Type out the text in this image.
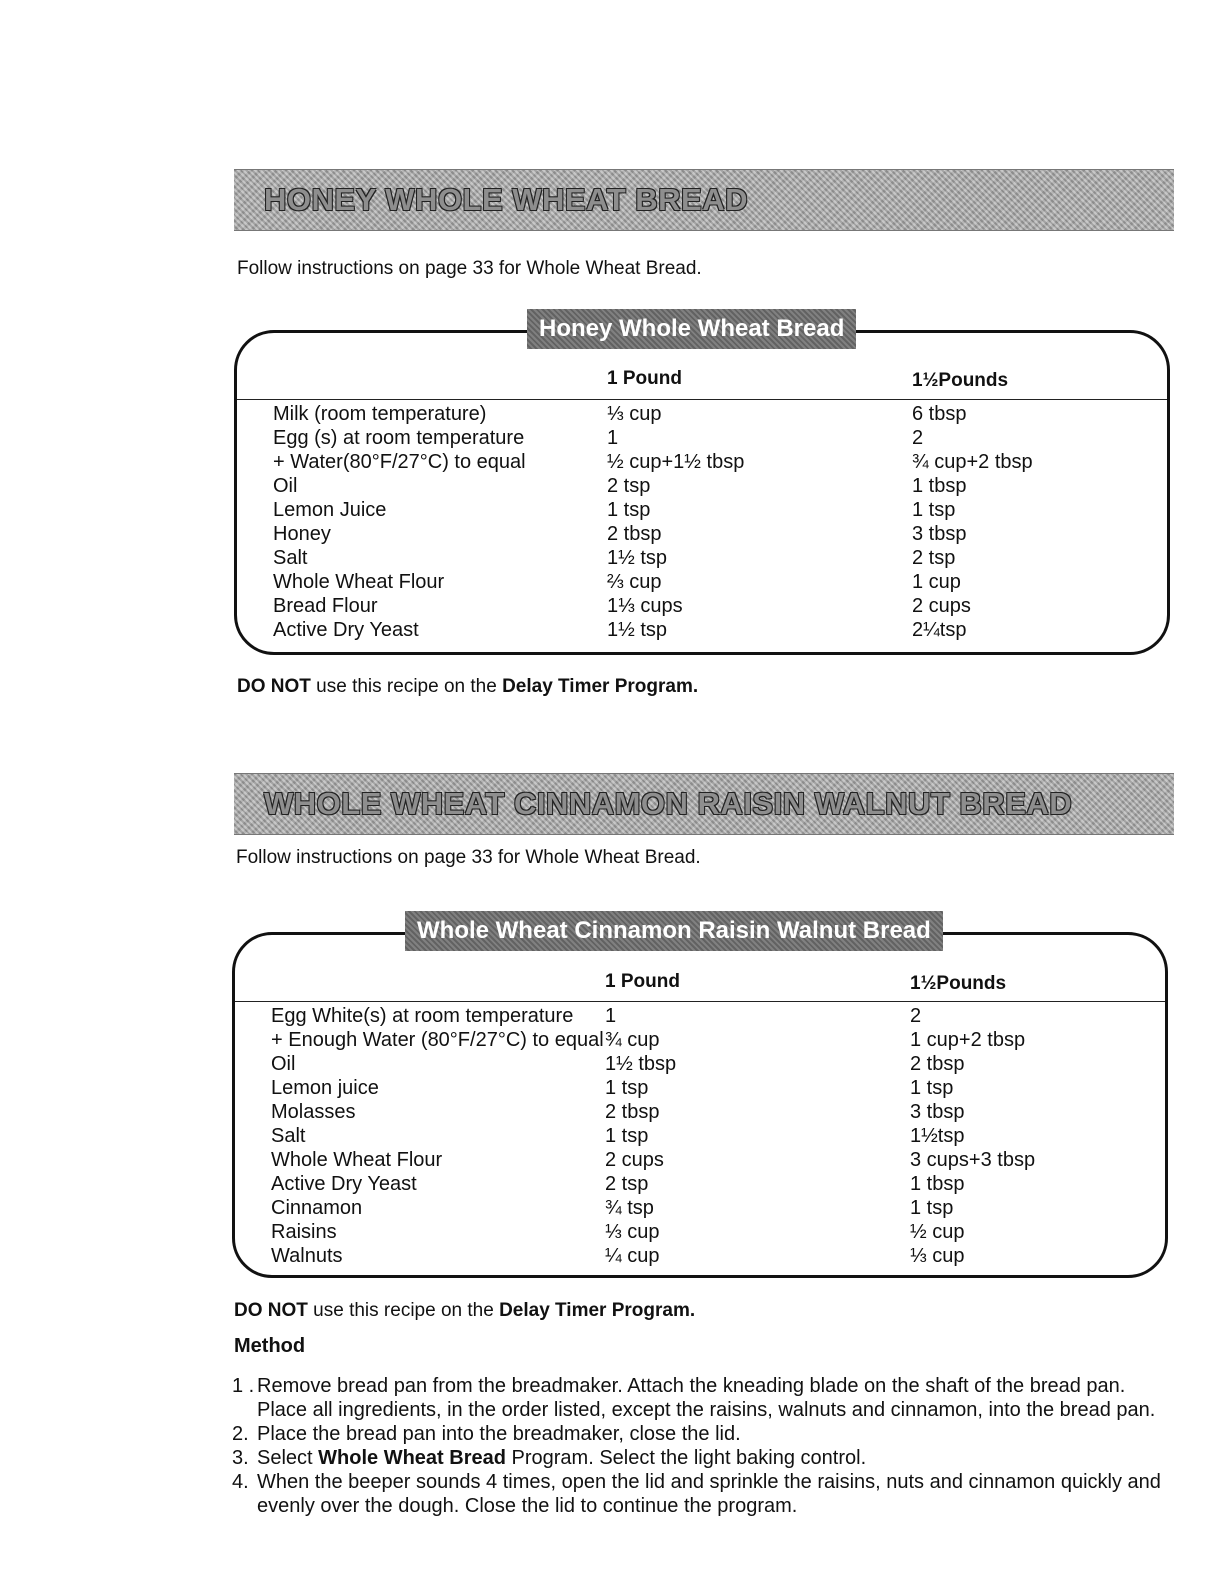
HONEY WHOLE WHEAT BREAD
Follow instructions on page 33 for Whole Wheat Bread.
Honey Whole Wheat Bread
1 Pound	1½Pounds
Milk (room temperature)	⅓ cup	6 tbsp
Egg (s) at room temperature	1	2
+ Water(80°F/27°C) to equal	½ cup+1½ tbsp	¾ cup+2 tbsp
Oil	2 tsp	1 tbsp
Lemon Juice	1 tsp	1 tsp
Honey	2 tbsp	3 tbsp
Salt	1½ tsp	2 tsp
Whole Wheat Flour	⅔ cup	1 cup
Bread Flour	1⅓ cups	2 cups
Active Dry Yeast	1½ tsp	2¼tsp
DO NOT use this recipe on the Delay Timer Program.
WHOLE WHEAT CINNAMON RAISIN WALNUT BREAD
Follow instructions on page 33 for Whole Wheat Bread.
Whole Wheat Cinnamon Raisin Walnut Bread
1 Pound	1½Pounds
Egg White(s) at room temperature 1	2
+ Enough Water (80°F/27°C) to equal ¾ cup	1 cup+2 tbsp
Oil	1½ tbsp	2 tbsp
Lemon juice	1 tsp	1 tsp
Molasses	2 tbsp	3 tbsp
Salt	1 tsp	1½tsp
Whole Wheat Flour	2 cups	3 cups+3 tbsp
Active Dry Yeast	2 tsp	1 tbsp
Cinnamon	¾ tsp	1 tsp
Raisins	⅓ cup	½ cup
Walnuts	¼ cup	⅓ cup
DO NOT use this recipe on the Delay Timer Program.
Method
1 . Remove bread pan from the breadmaker. Attach the kneading blade on the shaft of the bread pan. Place all ingredients, in the order listed, except the raisins, walnuts and cinnamon, into the bread pan.
2. Place the bread pan into the breadmaker, close the lid.
3. Select Whole Wheat Bread Program. Select the light baking control.
4. When the beeper sounds 4 times, open the lid and sprinkle the raisins, nuts and cinnamon quickly and evenly over the dough. Close the lid to continue the program.
